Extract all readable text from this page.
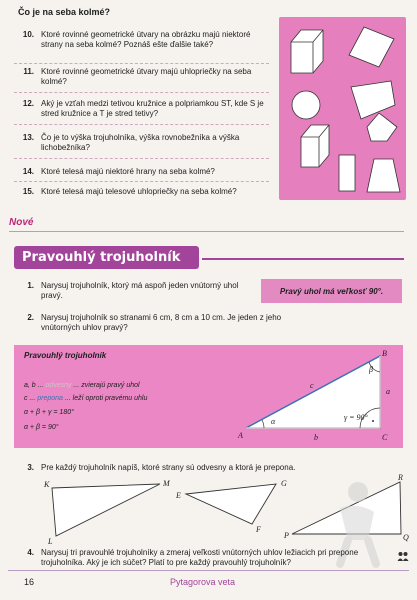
Čo je na seba kolmé?
10. Ktoré rovinné geometrické útvary na obrázku majú niektoré strany na seba kolmé? Poznáš ešte ďalšie také?
11. Ktoré rovinné geometrické útvary majú uhlopriečky na seba kolmé?
12. Aký je vzťah medzi tetivou kružnice a polpriamkou ST, kde S je stred kružnice a T je stred tetivy?
13. Čo je to výška trojuholníka, výška rovnobežníka a výška lichobežníka?
14. Ktoré telesá majú niektoré hrany na seba kolmé?
15. Ktoré telesá majú telesové uhlopriečky na seba kolmé?
Nové
Pravouhlý trojuholník
1. Narysuj trojuholník, ktorý má aspoň jeden vnútorný uhol pravý.	Pravý uhol má veľkosť 90°.
2. Narysuj trojuholník so stranami 6 cm, 8 cm a 10 cm. Je jeden z jeho vnútorných uhlov pravý?
Pravouhlý trojuholník
a, b ... odvesny ... zvierajú pravý uhol
c ... prepona ... leží oproti pravému uhlu
α + β + γ = 180°
α + β = 90°
A
B
C
b
a
c
α
β
γ = 90°
3. Pre každý trojuholník napíš, ktoré strany sú odvesny a ktorá je prepona.
K	M
L
E
G
F
R
P	Q
4. Narysuj tri pravouhlé trojuholníky a zmeraj veľkosti vnútorných uhlov ležiacich pri prepone trojuholníka. Aký je ich súčet? Platí to pre každý pravouhlý trojuholník?
16	Pytagorova veta
